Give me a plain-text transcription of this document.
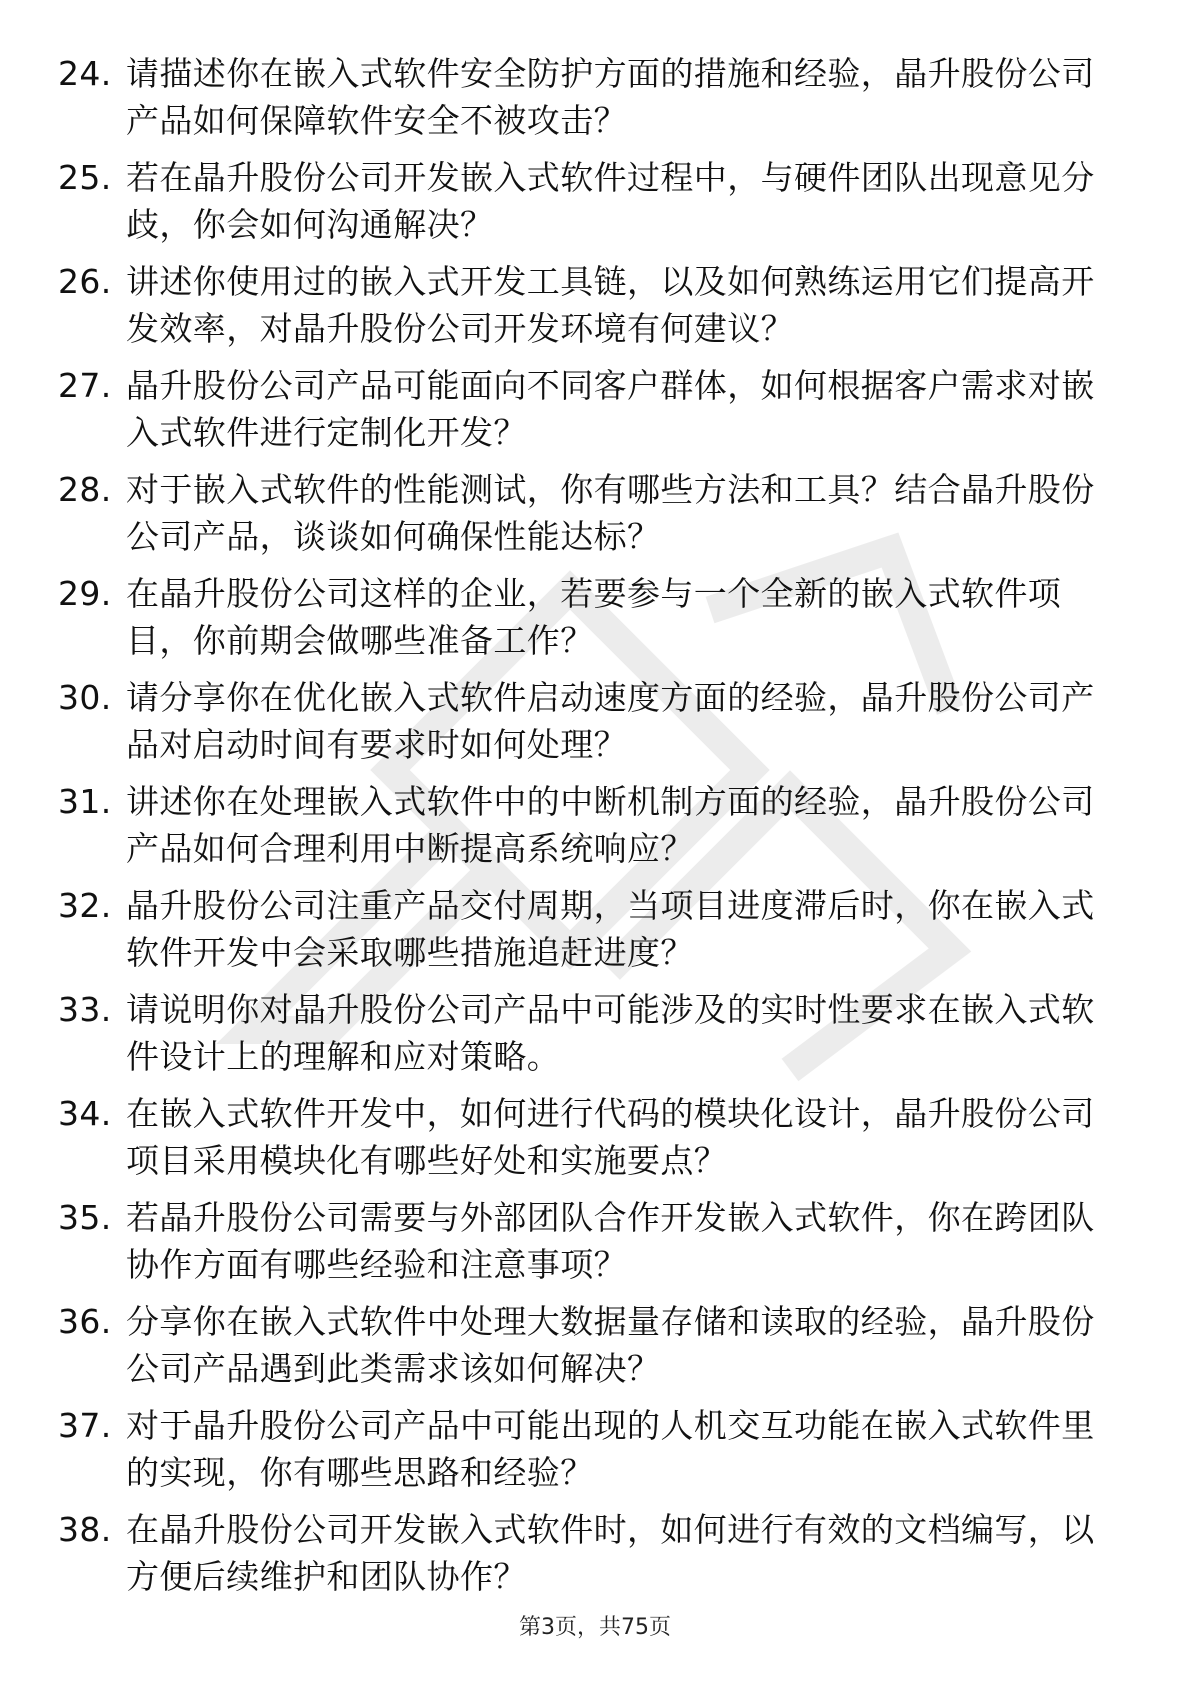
24. 请描述你在嵌入式软件安全防护方面的措施和经验，晶升股份公司产品如何保障软件安全不被攻击？
25. 若在晶升股份公司开发嵌入式软件过程中，与硬件团队出现意见分歧，你会如何沟通解决？
26. 讲述你使用过的嵌入式开发工具链，以及如何熟练运用它们提高开发效率，对晶升股份公司开发环境有何建议？
27. 晶升股份公司产品可能面向不同客户群体，如何根据客户需求对嵌入式软件进行定制化开发？
28. 对于嵌入式软件的性能测试，你有哪些方法和工具？结合晶升股份公司产品，谈谈如何确保性能达标？
29. 在晶升股份公司这样的企业，若要参与一个全新的嵌入式软件项目，你前期会做哪些准备工作？
30. 请分享你在优化嵌入式软件启动速度方面的经验，晶升股份公司产品对启动时间有要求时如何处理？
31. 讲述你在处理嵌入式软件中的中断机制方面的经验，晶升股份公司产品如何合理利用中断提高系统响应？
32. 晶升股份公司注重产品交付周期，当项目进度滞后时，你在嵌入式软件开发中会采取哪些措施追赶进度？
33. 请说明你对晶升股份公司产品中可能涉及的实时性要求在嵌入式软件设计上的理解和应对策略。
34. 在嵌入式软件开发中，如何进行代码的模块化设计，晶升股份公司项目采用模块化有哪些好处和实施要点？
35. 若晶升股份公司需要与外部团队合作开发嵌入式软件，你在跨团队协作方面有哪些经验和注意事项？
36. 分享你在嵌入式软件中处理大数据量存储和读取的经验，晶升股份公司产品遇到此类需求该如何解决？
37. 对于晶升股份公司产品中可能出现的人机交互功能在嵌入式软件里的实现，你有哪些思路和经验？
38. 在晶升股份公司开发嵌入式软件时，如何进行有效的文档编写，以方便后续维护和团队协作？
第3页，共75页
